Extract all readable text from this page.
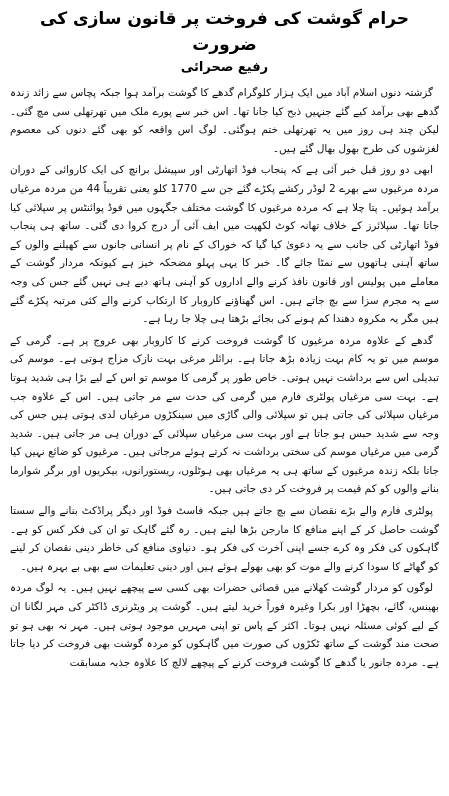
حرام گوشت کی فروخت پر قانون سازی کی ضرورت
رفیع صحرائی

گزشتہ دنوں اسلام آباد میں ایک ہزار کلوگرام گدھے کا گوشت برآمد ہوا جبکہ پچاس سے زائد زندہ گدھے بھی برآمد کیے گئے جنہیں ذبح کیا جانا تھا۔ اس خبر سے پورے ملک میں تھرتھلی سی مچ گئی۔ لیکن چند ہی روز میں یہ تھرتھلی ختم ہوگئی۔ لوگ اس واقعہ کو بھی گئے دنوں کی معصوم لغزشوں کی طرح بھول بھال گئے ہیں۔

ابھی دو روز قبل خبر آئی ہے کہ پنجاب فوڈ اتھارٹی اور سپیشل برانچ کی ایک کاروائی کے دوران مردہ مرغیوں سے بھرے 2 لوڈر رکشے پکڑے گئے جن سے 1770 کلو یعنی تقریباً 44 من مردہ مرغیاں برآمد ہوئیں۔ پتا چلا ہے کہ مردہ مرغیوں کا گوشت مختلف جگہوں میں فوڈ پوائنٹس پر سپلائی کیا جاتا تھا۔ سپلائرز کے خلاف تھانہ کوٹ لکھپت میں ایف آئی آر درج کروا دی گئی۔ ساتھ ہی پنجاب فوڈ اتھارٹی کی جانب سے یہ دعویٰ کیا گیا کہ خوراک کے نام پر انسانی جانوں سے کھیلنے والوں کے ساتھ آہنی ہاتھوں سے نمٹا جائے گا۔ خبر کا یہی پہلو مضحکہ خیز ہے کیونکہ مردار گوشت کے معاملے میں پولیس اور قانون نافذ کرنے والے اداروں کو آہنی ہاتھ دیے ہی نہیں گئے جس کی وجہ سے یہ مجرم سزا سے بچ جاتے ہیں۔ اس گھناؤنے کاروبار کا ارتکاب کرنے والے کئی مرتبہ پکڑے گئے ہیں مگر یہ مکروہ دھندا کم ہونے کی بجائے بڑھتا ہی چلا جا رہا ہے۔

گدھے کے علاوہ مردہ مرغیوں کا گوشت فروخت کرنے کا کاروبار بھی عروج پر ہے۔ گرمی کے موسم میں تو یہ کام بہت زیادہ بڑھ جاتا ہے۔ برائلر مرغی بہت نازک مزاج ہوتی ہے۔ موسم کی تبدیلی اس سے برداشت نہیں ہوتی۔ خاص طور پر گرمی کا موسم تو اس کے لیے بڑا ہی شدید ہوتا ہے۔ بہت سی مرغیاں پولٹری فارم میں گرمی کی حدت سے مر جاتی ہیں۔ اس کے علاوہ جب مرغیاں سپلائی کی جاتی ہیں تو سپلائی والی گاڑی میں سینکڑوں مرغیاں لدی ہوتی ہیں جس کی وجہ سے شدید حبس ہو جاتا ہے اور بہت سی مرغیاں سپلائی کے دوران ہی مر جاتی ہیں۔ شدید گرمی میں مرغیاں موسم کی سختی برداشت نہ کرتے ہوئے مرجاتی ہیں۔ مرغیوں کو ضائع نہیں کیا جاتا بلکہ زندہ مرغیوں کے ساتھ ہی یہ مرغیاں بھی ہوٹلوں، ریستورانوں، بیکریوں اور برگر شوارما بنانے والوں کو کم قیمت پر فروخت کر دی جاتی ہیں۔

پولٹری فارم والے بڑے نقصان سے بچ جاتے ہیں جبکہ فاسٹ فوڈ اور دیگر پراڈکٹ بنانے والے سستا گوشت حاصل کر کے اپنے منافع کا مارجن بڑھا لیتے ہیں۔ رہ گئے گاہک تو ان کی فکر کس کو ہے۔ گاہکوں کی فکر وہ کرے جسے اپنی آخرت کی فکر ہو۔ دنیاوی منافع کی خاطر دینی نقصان کر لینے کو گھاٹے کا سودا کرنے والے موت کو بھی بھولے ہوئے ہیں اور دینی تعلیمات سے بھی بے بہرہ ہیں۔

لوگوں کو مردار گوشت کھلانے میں قصائی حضرات بھی کسی سے پیچھے نہیں ہیں۔ یہ لوگ مردہ بھینس، گائے، بچھڑا اور بکرا وغیرہ فوراً خرید لیتے ہیں۔ گوشت پر ویٹرنری ڈاکٹر کی مہر لگانا ان کے لیے کوئی مسئلہ نہیں ہوتا۔ اکثر کے پاس تو اپنی مہریں موجود ہوتی ہیں۔ مہر نہ بھی ہو تو صحت مند گوشت کے ساتھ ٹکڑوں کی صورت میں گاہکوں کو مردہ گوشت بھی فروخت کر دیا جاتا ہے۔ مردہ جانور یا گدھے کا گوشت فروخت کرنے کے پیچھے لالچ کا علاوہ جذبہ مسابقت
